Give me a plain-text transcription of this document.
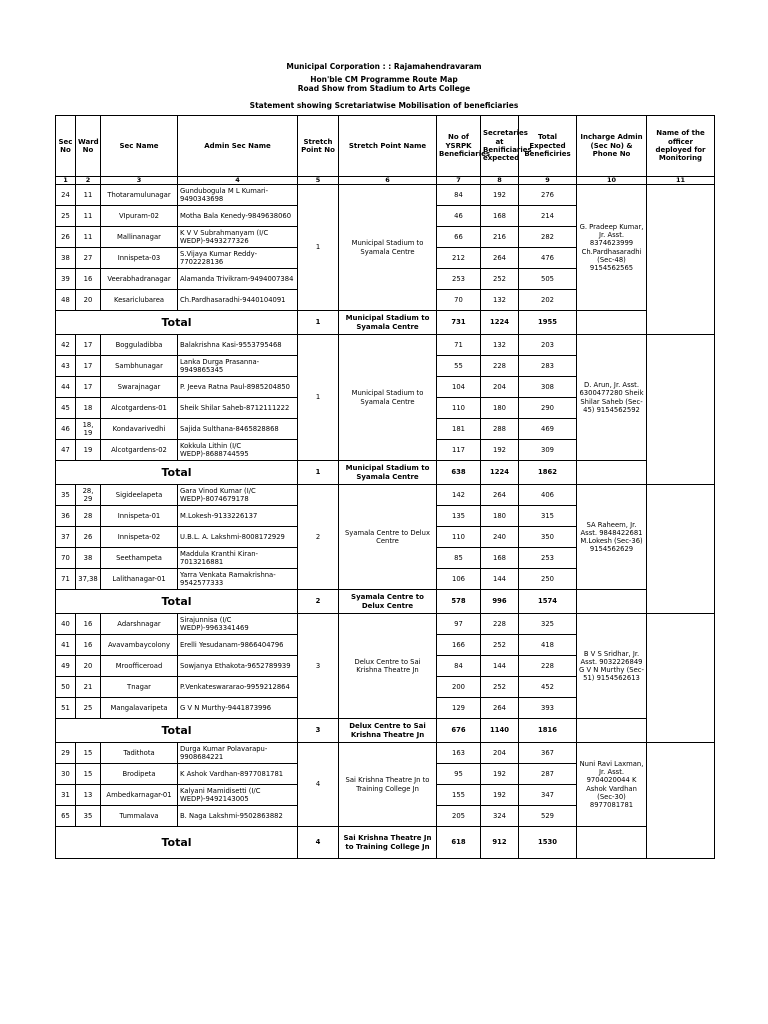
Municipal Corporation : : Rajamahendravaram
Hon'ble CM Programme Route Map
Road Show from Stadium to Arts College
Statement showing Scretariatwise Mobilisation of beneficiaries
Sec No	Ward No	Sec Name	Admin Sec Name	Stretch Point No	Stretch Point Name	No of YSRPK Beneficiaries	Secretaries at Benificiaries expected	Total Expected Beneficiries	Incharge Admin (Sec No) & Phone No	Name of the officer deployed for Monitoring
1	2	3	4	5	6	7	8	9	10	11
24	11	Thotaramulunagar	Gundubogula M L Kumari-9490343698	1	Municipal Stadium to Syamala Centre	84	192	276	G. Pradeep Kumar, Jr. Asst. 8374623999 Ch.Pardhasaradhi (Sec-48) 9154562565	
25	11	VIpuram-02	Motha Bala Kenedy-9849638060			46	168	214		
26	11	Mallinanagar	K V V Subrahmanyam (I/C WEDP)-9493277326			66	216	282		
38	27	Innispeta-03	S.Vijaya Kumar Reddy-7702228136			212	264	476		
39	16	Veerabhadranagar	Alamanda Trivikram-9494007384			253	252	505		
48	20	Kesariclubarea	Ch.Pardhasaradhi-9440104091			70	132	202		
Total				1	Municipal Stadium to Syamala Centre	731	1224	1955		
42	17	Bogguladibba	Balakrishna Kasi-9553795468	1	Municipal Stadium to Syamala Centre	71	132	203	D. Arun, Jr. Asst. 6300477280 Sheik Shilar Saheb (Sec-45) 9154562592	
43	17	Sambhunagar	Lanka Durga Prasanna-9949865345			55	228	283		
44	17	Swarajnagar	P. Jeeva Ratna Paul-8985204850			104	204	308		
45	18	Alcotgardens-01	Sheik Shilar Saheb-8712111222			110	180	290		
46	18, 19	Kondavarivedhi	Sajida Sulthana-8465828868			181	288	469		
47	19	Alcotgardens-02	Kokkula Lithin (I/C WEDP)-8688744595			117	192	309		
Total				1	Municipal Stadium to Syamala Centre	638	1224	1862		
35	28, 29	Sigideelapeta	Gara Vinod Kumar (I/C WEDP)-8074679178	2	Syamala Centre to Delux Centre	142	264	406	SA Raheem, Jr. Asst. 9848422681 M.Lokesh (Sec-36) 9154562629	
36	28	Innispeta-01	M.Lokesh-9133226137			135	180	315		
37	26	Innispeta-02	U.B.L. A. Lakshmi-8008172929			110	240	350		
70	38	Seethampeta	Maddula Kranthi Kiran-7013216881			85	168	253		
71	37,38	Lalithanagar-01	Yarra Venkata Ramakrishna-9542577333			106	144	250		
Total				2	Syamala Centre to Delux Centre	578	996	1574		
40	16	Adarshnagar	Sirajunnisa (I/C WEDP)-9963341469	3	Delux Centre to Sai Krishna Theatre Jn	97	228	325	B V S Sridhar, Jr. Asst. 9032226849 G V N Murthy (Sec-51) 9154562613	
41	16	Avavambaycolony	Erelli Yesudanam-9866404796			166	252	418		
49	20	Mroofficeroad	Sowjanya Ethakota-9652789939			84	144	228		
50	21	Tnagar	P.Venkateswararao-9959212864			200	252	452		
51	25	Mangalavaripeta	G V N Murthy-9441873996			129	264	393		
Total				3	Delux Centre to Sai Krishna Theatre Jn	676	1140	1816		
29	15	Tadithota	Durga Kumar Polavarapu-9908684221	4	Sai Krishna Theatre Jn to Training College Jn	163	204	367	Nuni Ravi Laxman, Jr. Asst. 9704020044 K Ashok Vardhan (Sec-30) 8977081781	
30	15	Brodipeta	K Ashok Vardhan-8977081781			95	192	287		
31	13	Ambedkarnagar-01	Kalyani Mamidisetti (I/C WEDP)-9492143005			155	192	347		
65	35	Tummalava	B. Naga Lakshmi-9502863882			205	324	529		
Total				4	Sai Krishna Theatre Jn to Training College Jn	618	912	1530		
